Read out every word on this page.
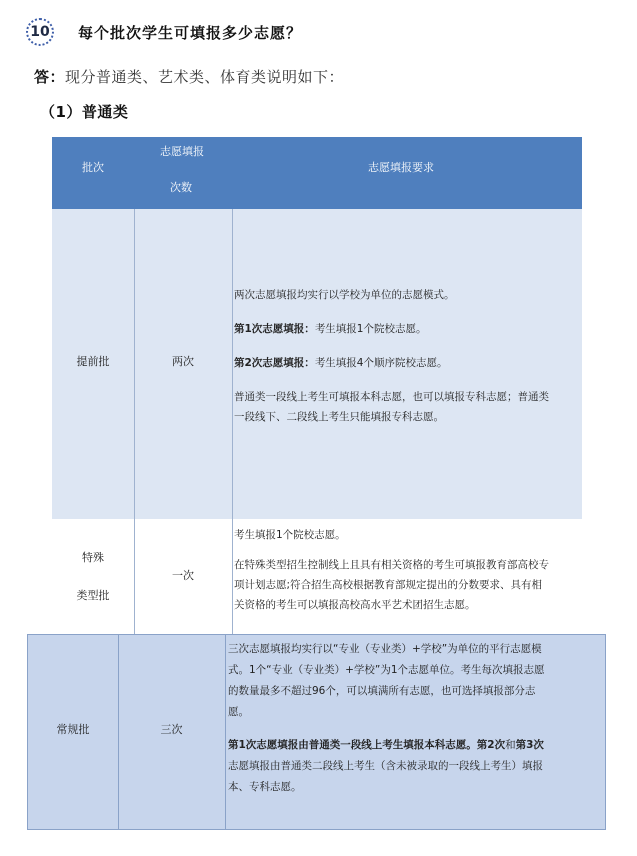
10 每个批次学生可填报多少志愿？
答：现分普通类、艺术类、体育类说明如下：
（1）普通类
批次
志愿填报
次数
志愿填报要求
提前批	两次

两次志愿填报均实行以学校为单位的志愿模式。

第1次志愿填报：考生填报1个院校志愿。

第2次志愿填报：考生填报4个顺序院校志愿。

普通类一段线上考生可填报本科志愿，也可以填报专科志愿；普通类

一段线下、二段线上考生只能填报专科志愿。

特殊
类型批
一次

考生填报1个院校志愿。

在特殊类型招生控制线上且具有相关资格的考生可填报教育部高校专

项计划志愿;符合招生高校根据教育部规定提出的分数要求、具有相

关资格的考生可以填报高校高水平艺术团招生志愿。

常规批	三次

三次志愿填报均实行以“专业（专业类）+学校”为单位的平行志愿模

式。1个“专业（专业类）+学校”为1个志愿单位。考生每次填报志愿

的数量最多不超过96个，可以填满所有志愿，也可选择填报部分志

愿。

第1次志愿填报由普通类一段线上考生填报本科志愿。第2次和第3次

志愿填报由普通类二段线上考生（含未被录取的一段线上考生）填报

本、专科志愿。
